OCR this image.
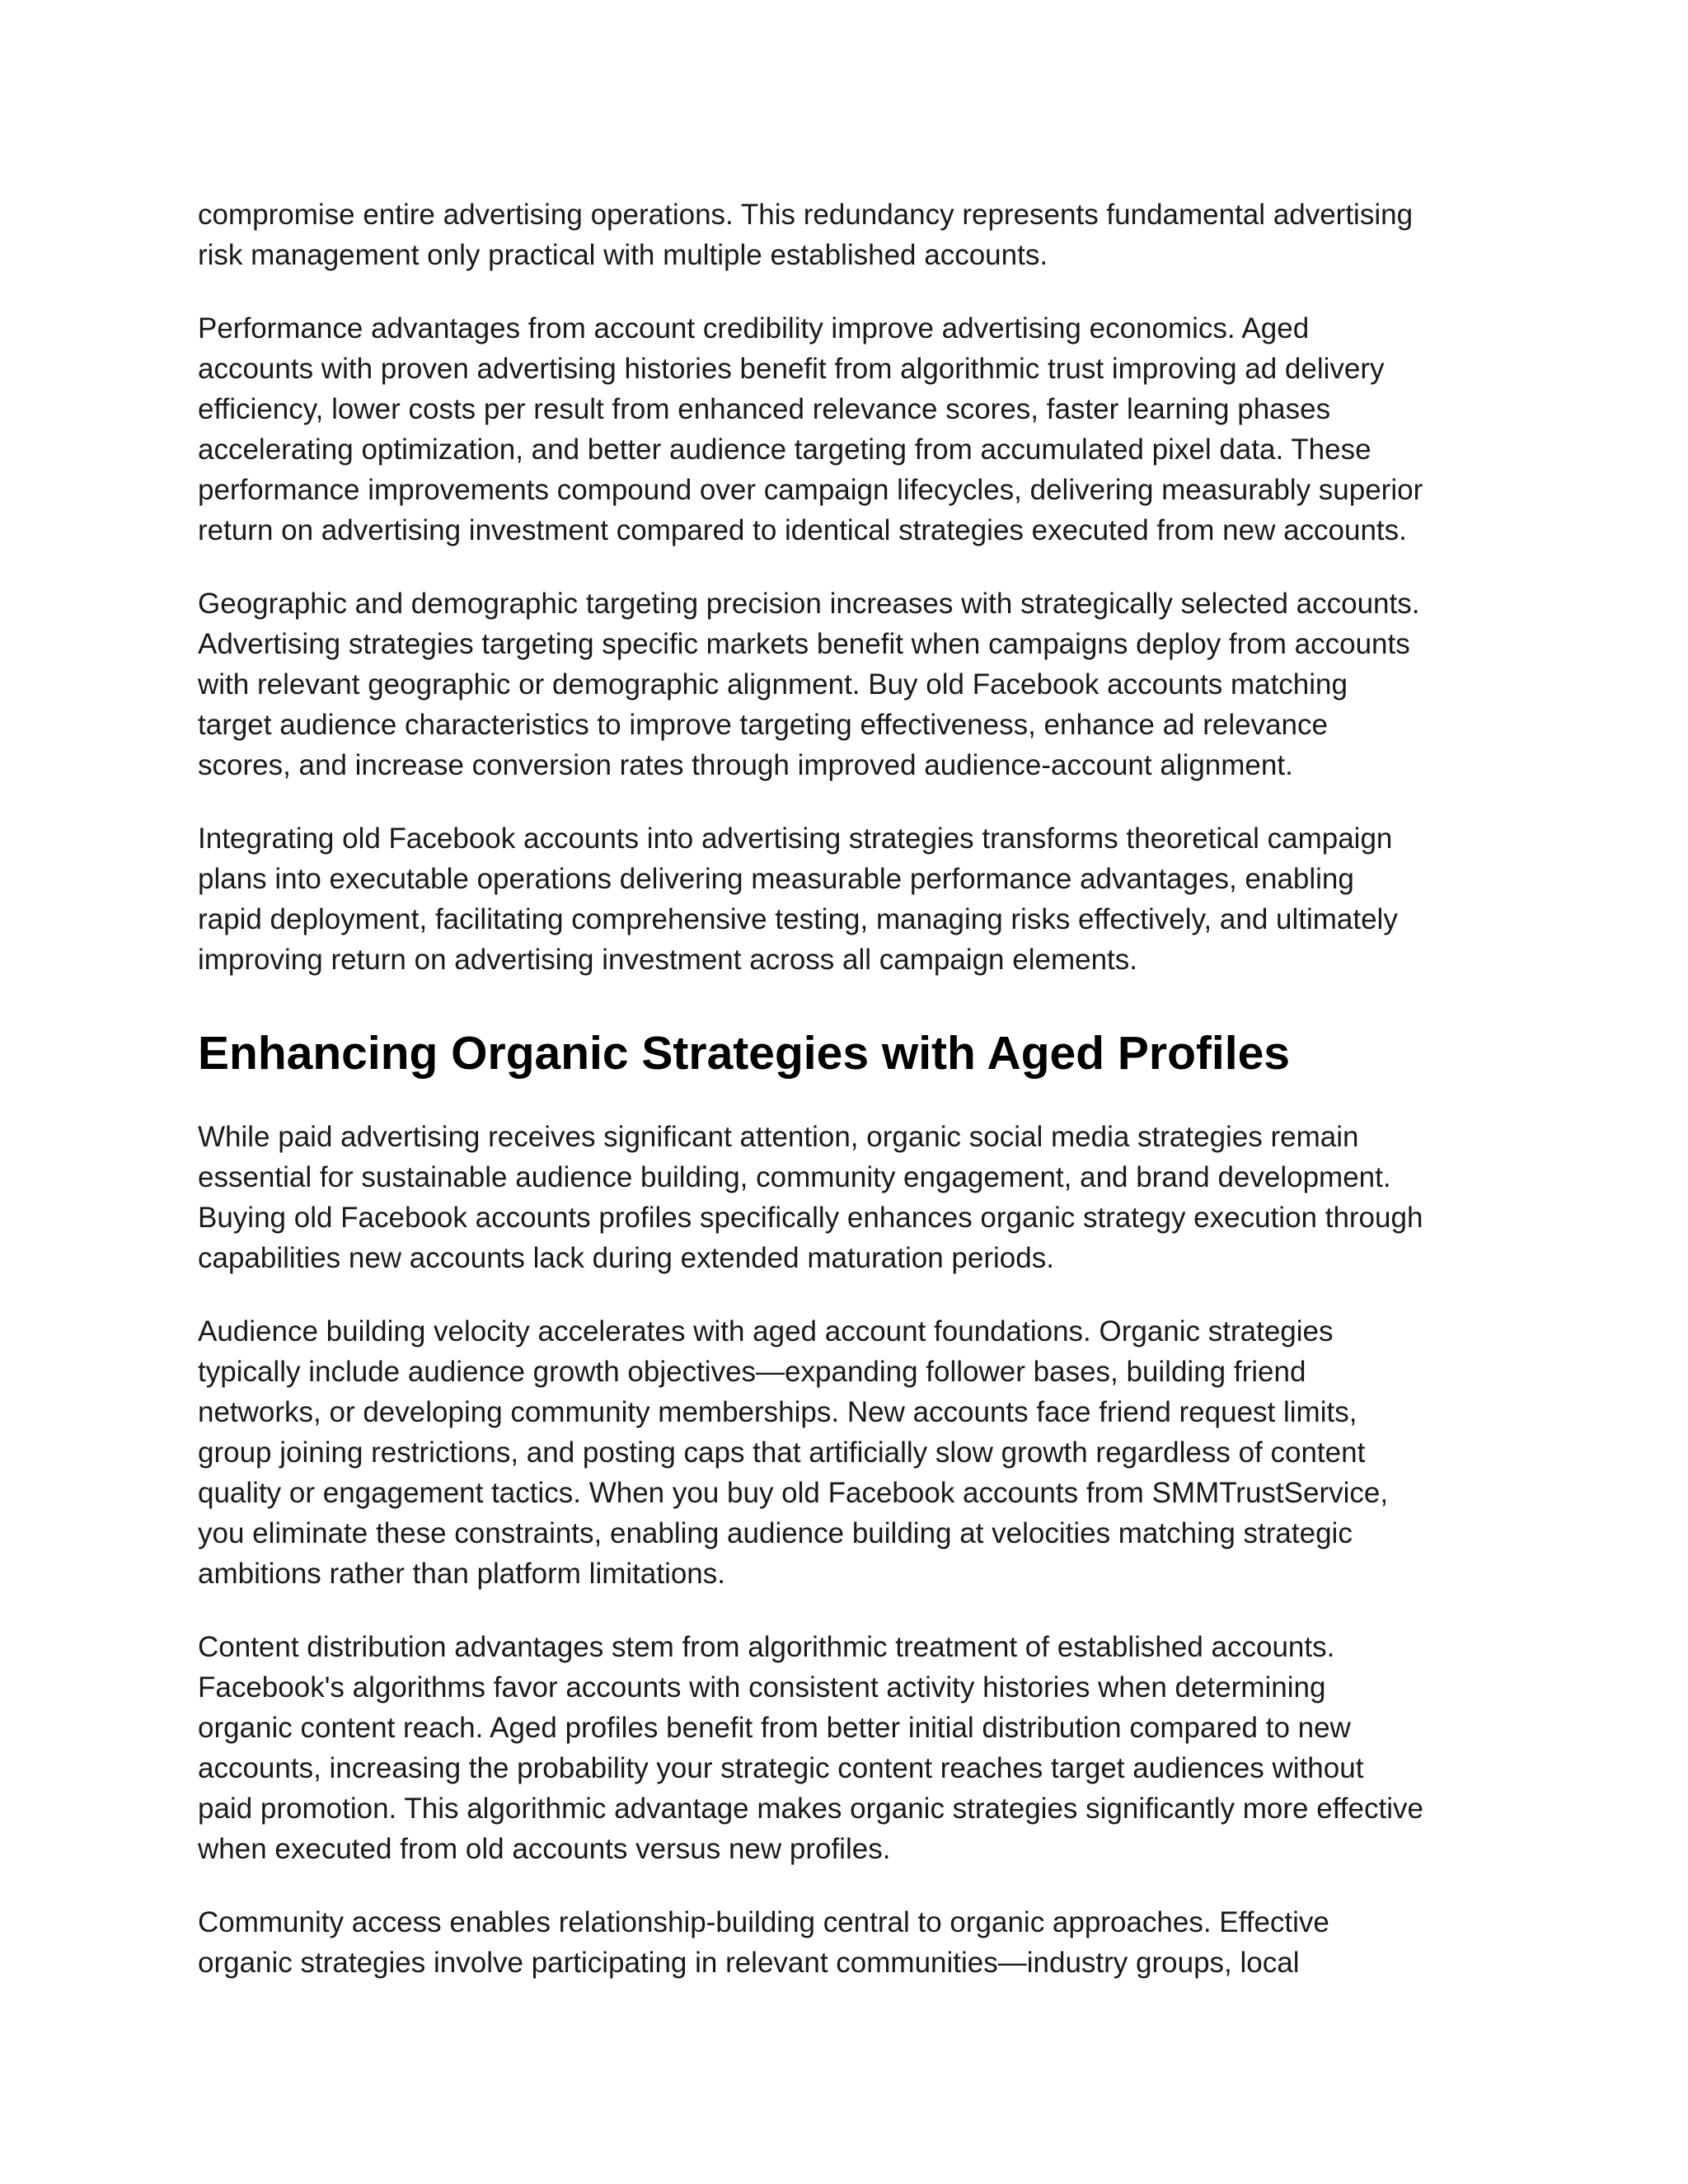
compromise entire advertising operations. This redundancy represents fundamental advertising
risk management only practical with multiple established accounts.

Performance advantages from account credibility improve advertising economics. Aged
accounts with proven advertising histories benefit from algorithmic trust improving ad delivery
efficiency, lower costs per result from enhanced relevance scores, faster learning phases
accelerating optimization, and better audience targeting from accumulated pixel data. These
performance improvements compound over campaign lifecycles, delivering measurably superior
return on advertising investment compared to identical strategies executed from new accounts.

Geographic and demographic targeting precision increases with strategically selected accounts.
Advertising strategies targeting specific markets benefit when campaigns deploy from accounts
with relevant geographic or demographic alignment. Buy old Facebook accounts matching
target audience characteristics to improve targeting effectiveness, enhance ad relevance
scores, and increase conversion rates through improved audience-account alignment.

Integrating old Facebook accounts into advertising strategies transforms theoretical campaign
plans into executable operations delivering measurable performance advantages, enabling
rapid deployment, facilitating comprehensive testing, managing risks effectively, and ultimately
improving return on advertising investment across all campaign elements.

Enhancing Organic Strategies with Aged Profiles

While paid advertising receives significant attention, organic social media strategies remain
essential for sustainable audience building, community engagement, and brand development.
Buying old Facebook accounts profiles specifically enhances organic strategy execution through
capabilities new accounts lack during extended maturation periods.

Audience building velocity accelerates with aged account foundations. Organic strategies
typically include audience growth objectives—expanding follower bases, building friend
networks, or developing community memberships. New accounts face friend request limits,
group joining restrictions, and posting caps that artificially slow growth regardless of content
quality or engagement tactics. When you buy old Facebook accounts from SMMTrustService,
you eliminate these constraints, enabling audience building at velocities matching strategic
ambitions rather than platform limitations.

Content distribution advantages stem from algorithmic treatment of established accounts.
Facebook's algorithms favor accounts with consistent activity histories when determining
organic content reach. Aged profiles benefit from better initial distribution compared to new
accounts, increasing the probability your strategic content reaches target audiences without
paid promotion. This algorithmic advantage makes organic strategies significantly more effective
when executed from old accounts versus new profiles.

Community access enables relationship-building central to organic approaches. Effective
organic strategies involve participating in relevant communities—industry groups, local
